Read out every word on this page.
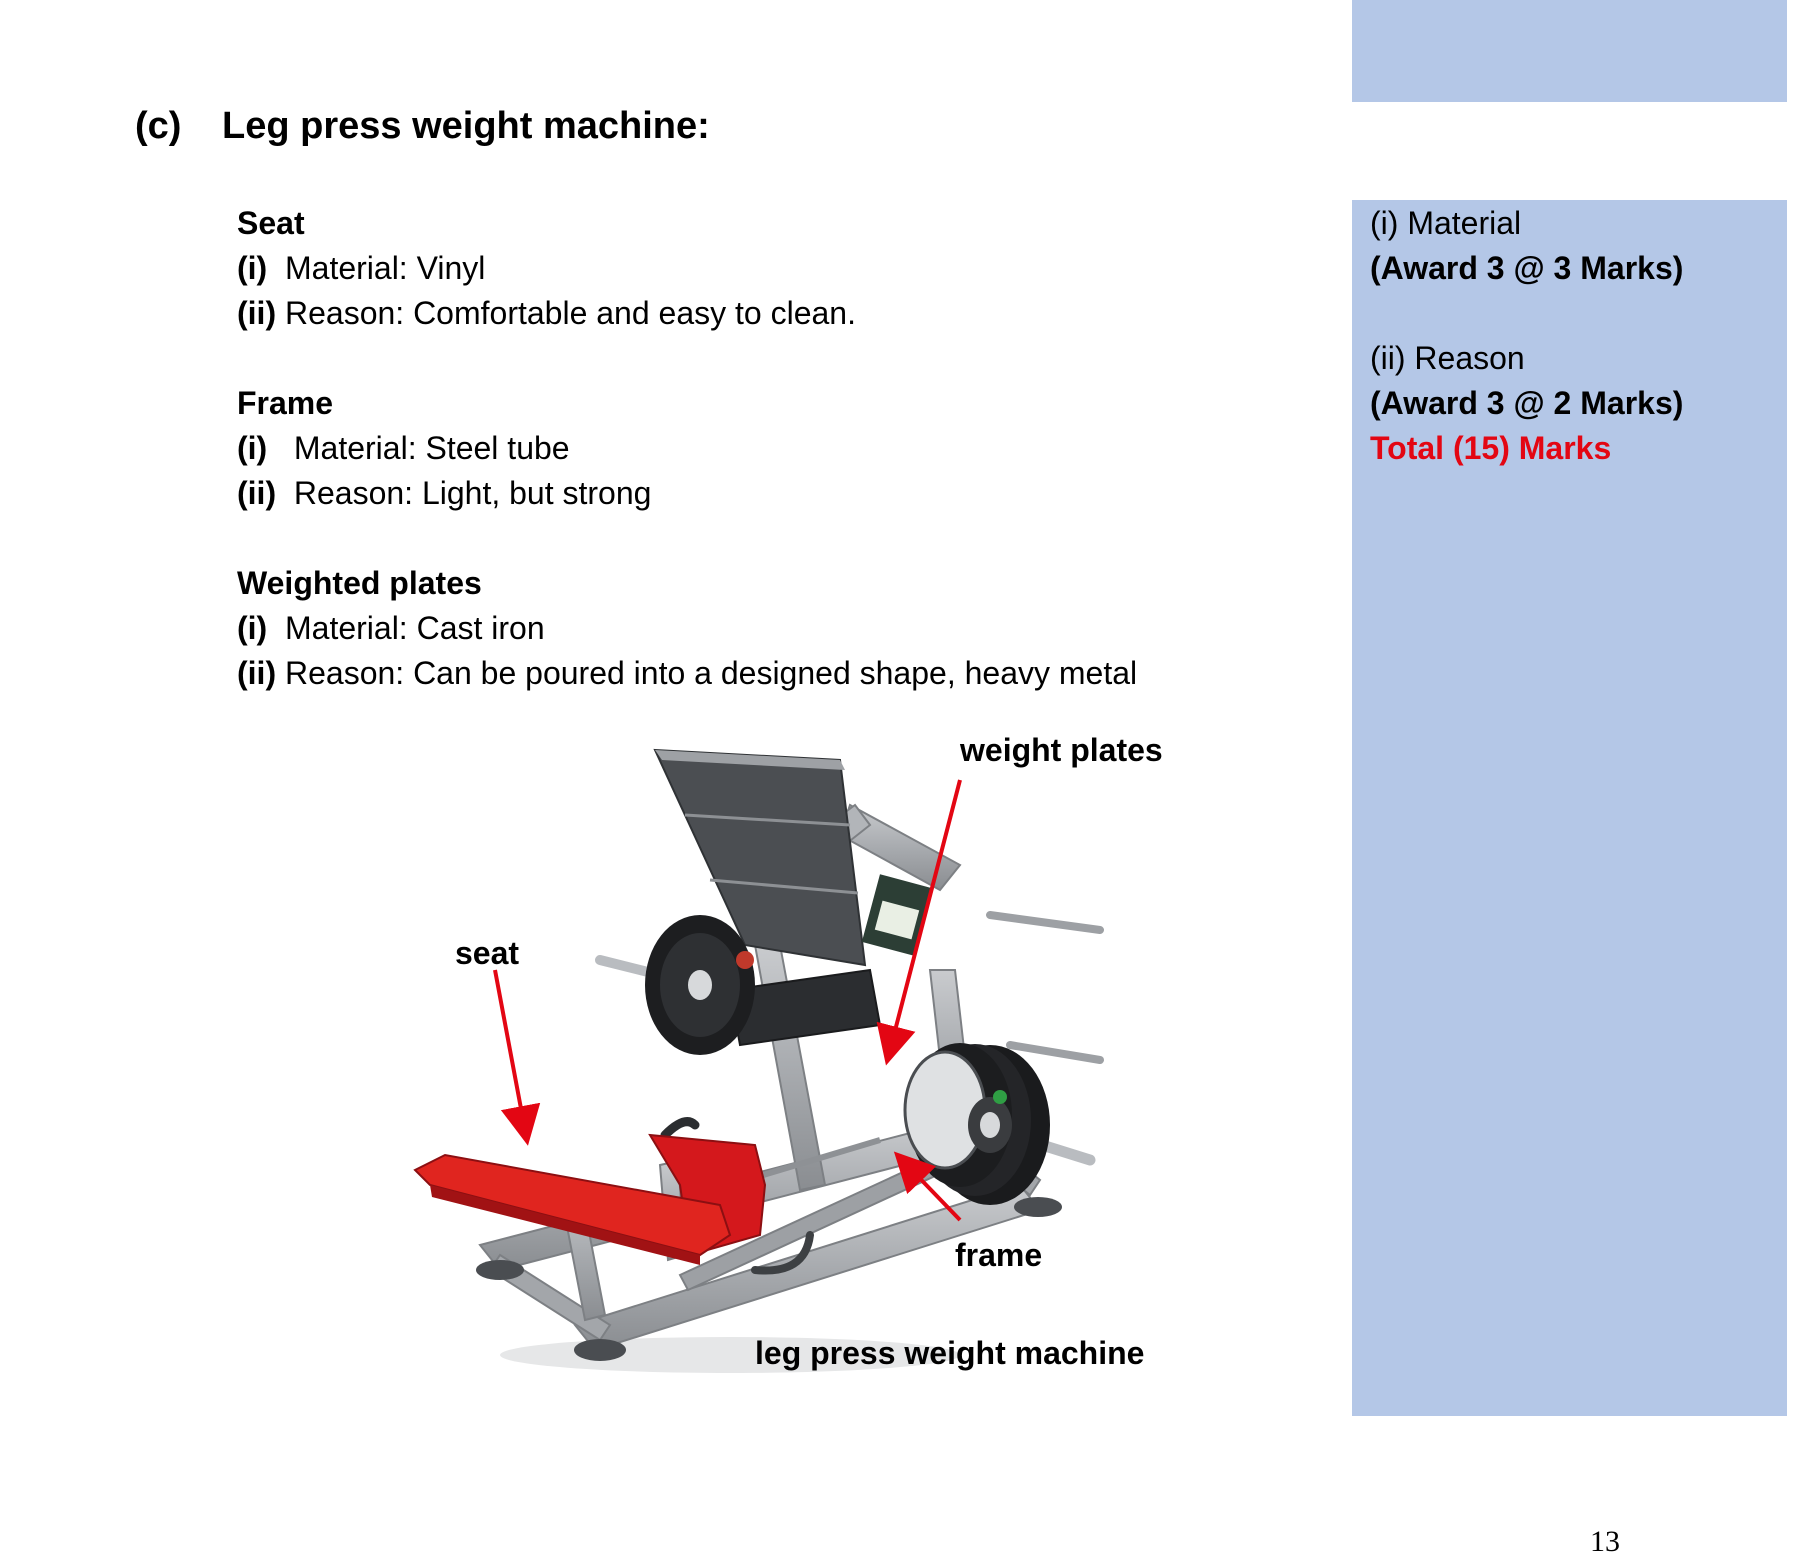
(c) Leg press weight machine:
Seat
(i) Material: Vinyl
(ii) Reason: Comfortable and easy to clean.
Frame
(i) Material: Steel tube
(ii) Reason: Light, but strong
Weighted plates
(i) Material: Cast iron
(ii) Reason: Can be poured into a designed shape, heavy metal
(i) Material
(Award 3 @ 3 Marks)
(ii) Reason
(Award 3 @ 2 Marks)
Total (15) Marks
weight plates
seat
frame
leg press weight machine
13
